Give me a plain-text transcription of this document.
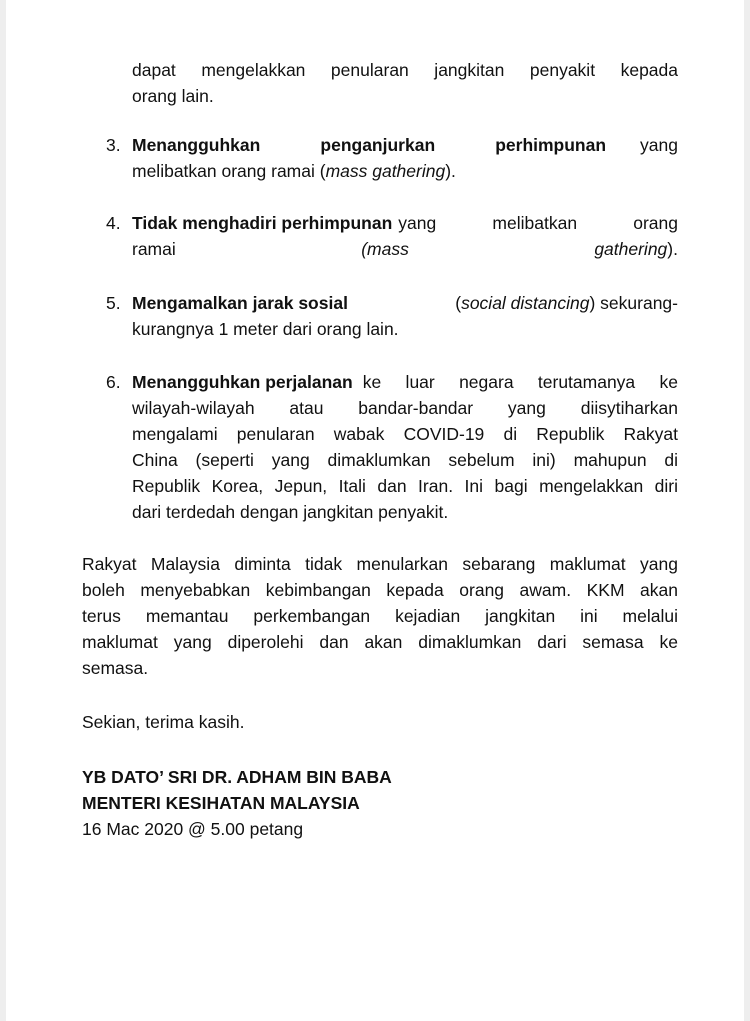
dapat mengelakkan penularan jangkitan penyakit kepada
orang lain.
3. Menangguhkan penganjurkan perhimpunan yang
melibatkan orang ramai ( mass gathering ).
4. Tidak menghadiri perhimpunan yang melibatkan orang
ramai	(mass	gathering).
5. Mengamalkan jarak sosial	(social distancing) sekurang-
kurangnya 1 meter dari orang lain.
6. Menangguhkan perjalanan ke luar negara terutamanya ke
wilayah-wilayah atau bandar-bandar yang diisytiharkan
mengalami penularan wabak COVID-19 di Republik Rakyat
China (seperti yang dimaklumkan sebelum ini) mahupun di
Republik Korea, Jepun, Itali dan Iran. Ini bagi mengelakkan diri
dari terdedah dengan jangkitan penyakit.
Rakyat Malaysia diminta tidak menularkan sebarang maklumat yang
boleh menyebabkan kebimbangan kepada orang awam. KKM akan
terus memantau perkembangan kejadian jangkitan ini melalui
maklumat yang diperolehi dan akan dimaklumkan dari semasa ke
semasa.
Sekian, terima kasih.
YB DATO’ SRI DR. ADHAM BIN BABA
MENTERI KESIHATAN MALAYSIA
16 Mac 2020 @ 5.00 petang
